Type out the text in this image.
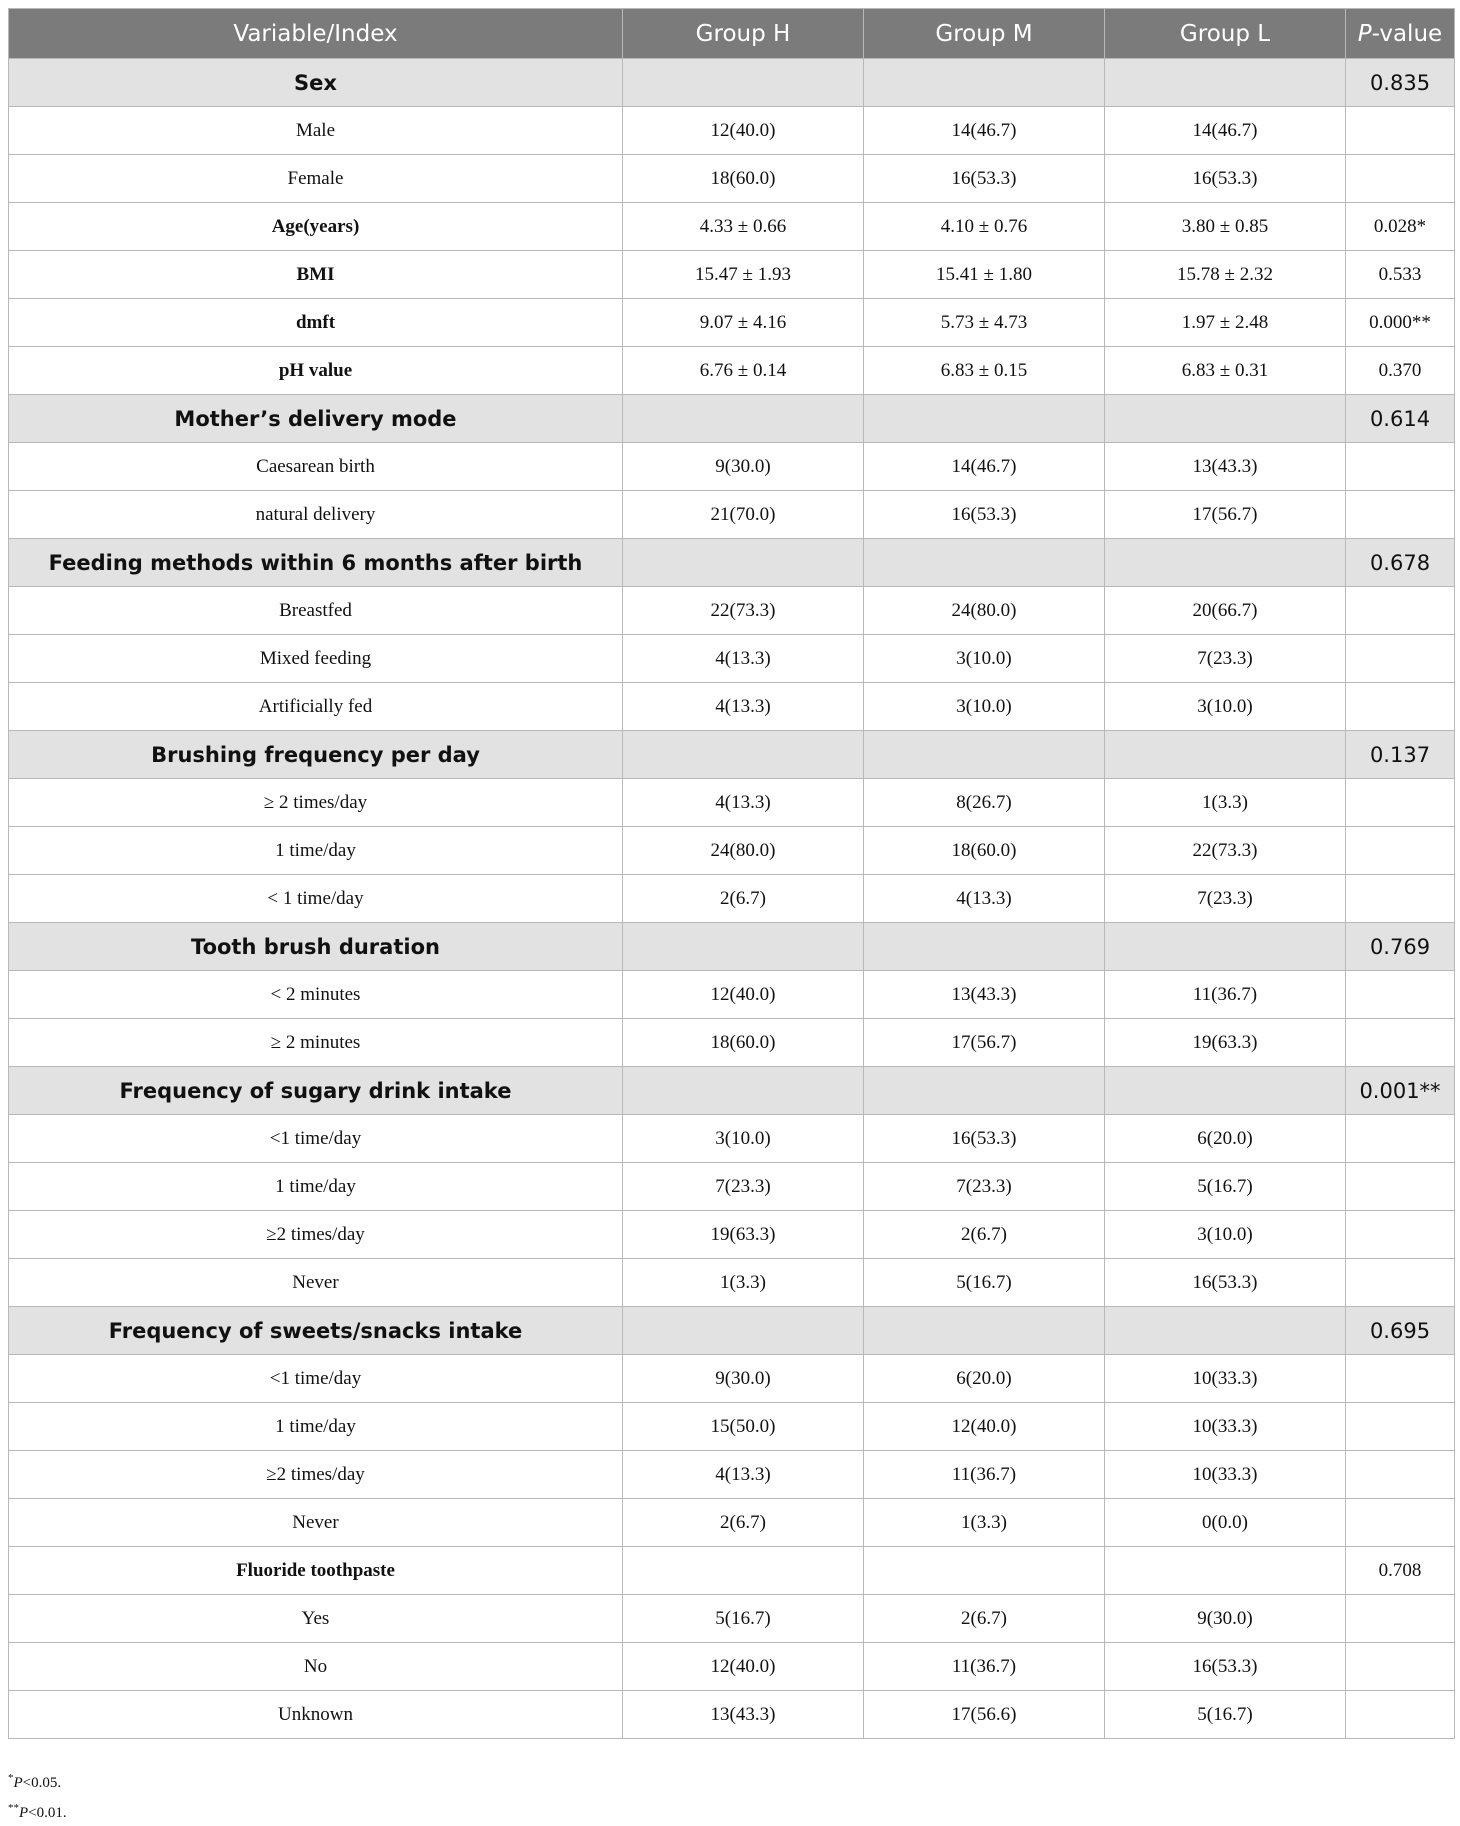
Variable/Index	Group H	Group M	Group L	P-value
Sex				0.835
Male	12(40.0)	14(46.7)	14(46.7)	
Female	18(60.0)	16(53.3)	16(53.3)	
Age(years)	4.33 ± 0.66	4.10 ± 0.76	3.80 ± 0.85	0.028*
BMI	15.47 ± 1.93	15.41 ± 1.80	15.78 ± 2.32	0.533
dmft	9.07 ± 4.16	5.73 ± 4.73	1.97 ± 2.48	0.000**
pH value	6.76 ± 0.14	6.83 ± 0.15	6.83 ± 0.31	0.370
Mother’s delivery mode				0.614
Caesarean birth	9(30.0)	14(46.7)	13(43.3)	
natural delivery	21(70.0)	16(53.3)	17(56.7)	
Feeding methods within 6 months after birth				0.678
Breastfed	22(73.3)	24(80.0)	20(66.7)	
Mixed feeding	4(13.3)	3(10.0)	7(23.3)	
Artificially fed	4(13.3)	3(10.0)	3(10.0)	
Brushing frequency per day				0.137
≥ 2 times/day	4(13.3)	8(26.7)	1(3.3)	
1 time/day	24(80.0)	18(60.0)	22(73.3)	
< 1 time/day	2(6.7)	4(13.3)	7(23.3)	
Tooth brush duration				0.769
< 2 minutes	12(40.0)	13(43.3)	11(36.7)	
≥ 2 minutes	18(60.0)	17(56.7)	19(63.3)	
Frequency of sugary drink intake				0.001**
<1 time/day	3(10.0)	16(53.3)	6(20.0)	
1 time/day	7(23.3)	7(23.3)	5(16.7)	
≥2 times/day	19(63.3)	2(6.7)	3(10.0)	
Never	1(3.3)	5(16.7)	16(53.3)	
Frequency of sweets/snacks intake				0.695
<1 time/day	9(30.0)	6(20.0)	10(33.3)	
1 time/day	15(50.0)	12(40.0)	10(33.3)	
≥2 times/day	4(13.3)	11(36.7)	10(33.3)	
Never	2(6.7)	1(3.3)	0(0.0)	
Fluoride toothpaste				0.708
Yes	5(16.7)	2(6.7)	9(30.0)	
No	12(40.0)	11(36.7)	16(53.3)	
Unknown	13(43.3)	17(56.6)	5(16.7)	
*P<0.05.
**P<0.01.
